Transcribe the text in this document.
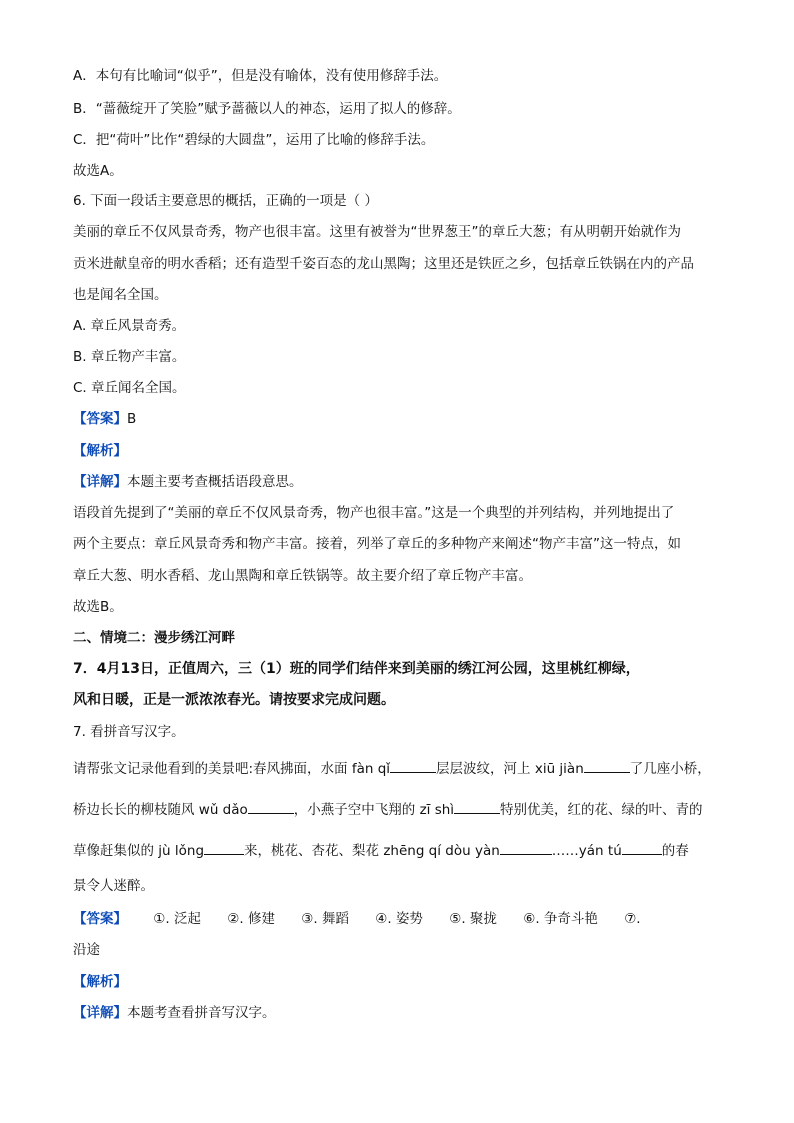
A．本句有比喻词“似乎”，但是没有喻体，没有使用修辞手法。
B．“蔷薇绽开了笑脸”赋予蔷薇以人的神态，运用了拟人的修辞。
C．把“荷叶”比作“碧绿的大圆盘”，运用了比喻的修辞手法。
故选A。
6. 下面一段话主要意思的概括，正确的一项是（ ）
美丽的章丘不仅风景奇秀，物产也很丰富。这里有被誉为“世界葱王”的章丘大葱；有从明朝开始就作为
贡米进献皇帝的明水香稻；还有造型千姿百态的龙山黑陶；这里还是铁匠之乡，包括章丘铁锅在内的产品
也是闻名全国。
A. 章丘风景奇秀。
B. 章丘物产丰富。
C. 章丘闻名全国。
【答案】B
【解析】
【详解】本题主要考查概括语段意思。
语段首先提到了“美丽的章丘不仅风景奇秀，物产也很丰富。”这是一个典型的并列结构，并列地提出了
两个主要点：章丘风景奇秀和物产丰富。接着，列举了章丘的多种物产来阐述“物产丰富”这一特点，如
章丘大葱、明水香稻、龙山黑陶和章丘铁锅等。故主要介绍了章丘物产丰富。
故选B。
二、情境二：漫步绣江河畔
7．4月13日，正值周六，三（1）班的同学们结伴来到美丽的绣江河公园，这里桃红柳绿，
风和日暖，正是一派浓浓春光。请按要求完成问题。
7. 看拼音写汉字。
请帮张文记录他看到的美景吧:春风拂面，水面 fàn qǐ	层层波纹，河上 xiū jiàn	了几座小桥，
桥边长长的柳枝随风 wǔ dǎo	，小燕子空中飞翔的 zī shì	特别优美，红的花、绿的叶、青的
草像赶集似的 jù lǒng	来，桃花、杏花、梨花 zhēng qí dòu yàn	……yán tú	的春
景令人迷醉。
【答案】 ①. 泛起 ②. 修建 ③. 舞蹈 ④. 姿势 ⑤. 聚拢 ⑥. 争奇斗艳 ⑦.
沿途
【解析】
【详解】本题考查看拼音写汉字。
